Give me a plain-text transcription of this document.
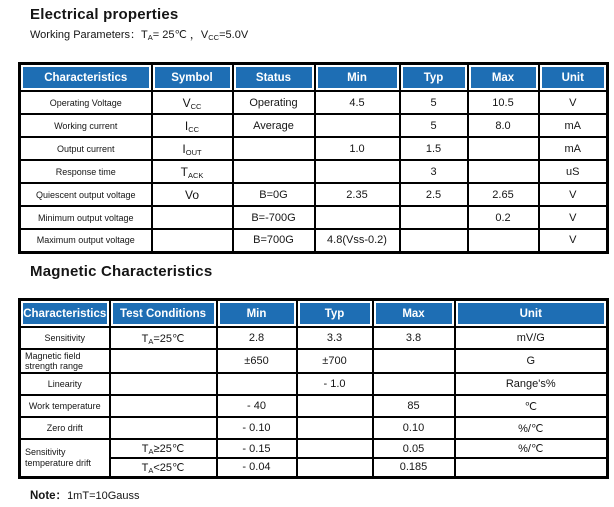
Electrical properties
Working Parameters：$T_A=$ 25℃ ，$V_{CC}=5.0V$
Characteristics	Symbol	Status	Min	Typ	Max	Unit
Operating Voltage	$V_{CC}$	Operating	4.5	5	10.5	V
Working current	$I_{CC}$	Average		5	8.0	mA
Output current	$I_{OUT}$		1.0	1.5		mA
Response time	$T_{ACK}$			3		uS
Quiescent output voltage	Vo	B=0G	2.35	2.5	2.65	V
Minimum output voltage		B=-700G			0.2	V
Maximum output voltage		B=700G	4.8(Vss-0.2)			V
Magnetic Characteristics
Characteristics	Test Conditions	Min	Typ	Max	Unit
Sensitivity	$T_A=25℃$	2.8	3.3	3.8	mV/G
Magnetic field strength range		±650	±700		G
Linearity			- 1.0		Range's%
Work temperature		- 40		85	℃
Zero drift		- 0.10		0.10	%/℃
Sensitivity temperature drift	$T_A\ge 25℃$	- 0.15		0.05	%/℃
	$T_A<25℃$	- 0.04		0.185	
Note：1mT=10Gauss
